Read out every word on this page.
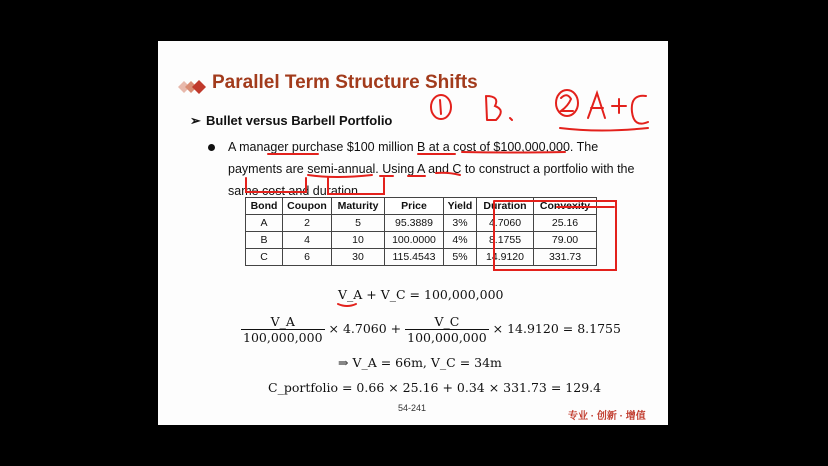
Parallel Term Structure Shifts
➢ Bullet versus Barbell Portfolio
A manager purchase $100 million B at a cost of $100,000,000. The payments are semi-annual. Using A and C to construct a portfolio with the same cost and duration
Bond	Coupon	Maturity	Price	Yield	Duration	Convexity
A	2	5	95.3889	3%	4.7060	25.16
B	4	10	100.0000	4%	8.1755	79.00
C	6	30	115.4543	5%	14.9120	331.73
V_A + V_C = 100,000,000
$\frac{V\_A}{100,000,000} \times 4.7060 + \frac{V\_C}{100,000,000} \times 14.9120 = 8.1755$
⇒ V_A = 66m, V_C = 34m
C_portfolio = 0.66 × 25.16 + 0.34 × 331.73 = 129.4
54-241
专业 · 创新 · 增值
